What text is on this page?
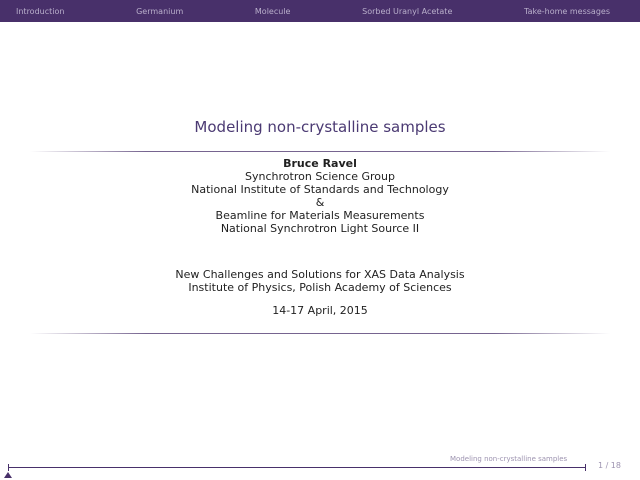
Introduction	Germanium	Molecule	Sorbed Uranyl Acetate	Take-home messages
Modeling non-crystalline samples
Bruce Ravel
Synchrotron Science Group
National Institute of Standards and Technology
&
Beamline for Materials Measurements
National Synchrotron Light Source II
New Challenges and Solutions for XAS Data Analysis
Institute of Physics, Polish Academy of Sciences
14-17 April, 2015
Modeling non-crystalline samples
1 / 18
